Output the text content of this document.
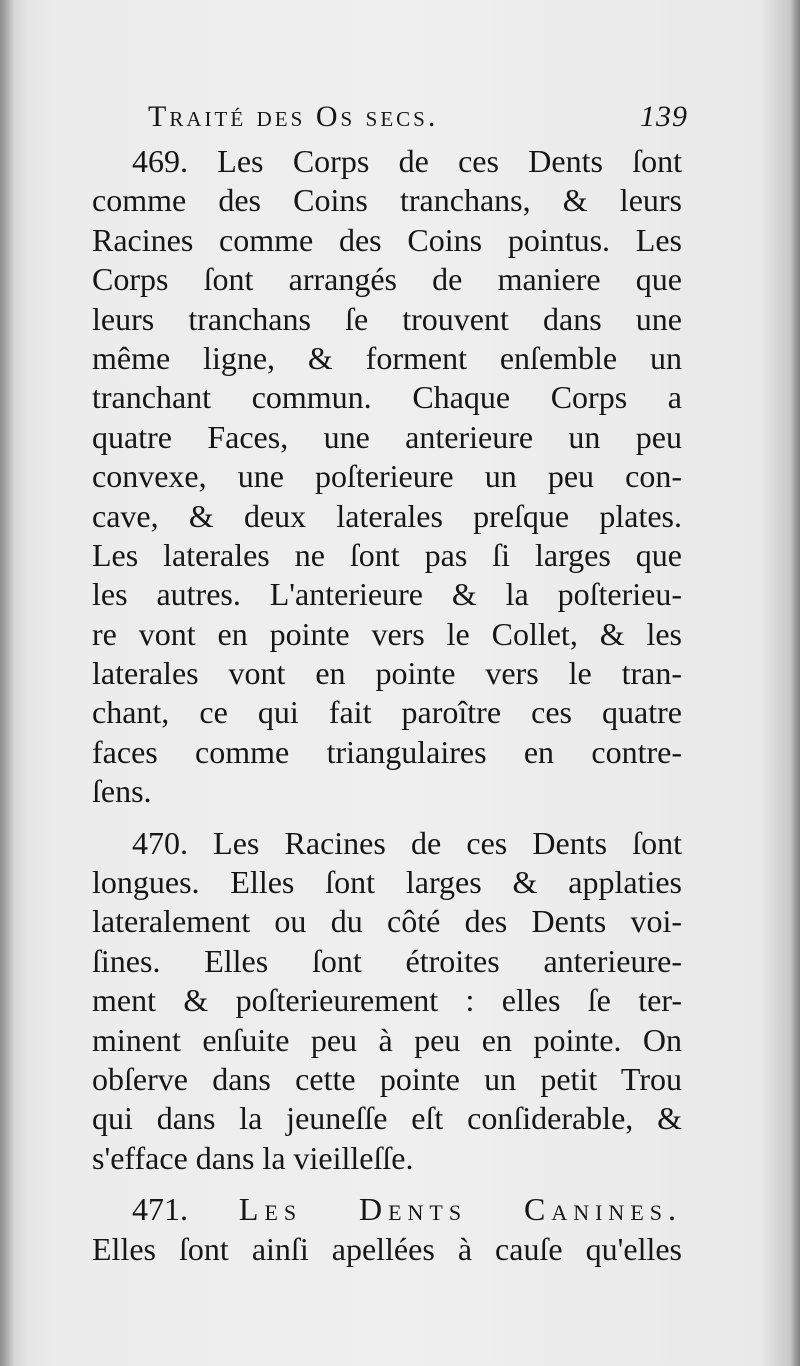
Traité des Os secs.	139
469. Les Corps de ces Dents ſont
comme des Coins tranchans, & leurs
Racines comme des Coins pointus. Les
Corps ſont arrangés de maniere que
leurs tranchans ſe trouvent dans une
même ligne, & forment enſemble un
tranchant commun. Chaque Corps a
quatre Faces, une anterieure un peu
convexe, une poſterieure un peu con-
cave, & deux laterales preſque plates.
Les laterales ne ſont pas ſi larges que
les autres. L'anterieure & la poſterieu-
re vont en pointe vers le Collet, & les
laterales vont en pointe vers le tran-
chant, ce qui fait paroître ces quatre
faces comme triangulaires en contre-
ſens.
470. Les Racines de ces Dents ſont
longues. Elles ſont larges & applaties
lateralement ou du côté des Dents voi-
ſines. Elles ſont étroites anterieure-
ment & poſterieurement : elles ſe ter-
minent enſuite peu à peu en pointe. On
obſerve dans cette pointe un petit Trou
qui dans la jeuneſſe eſt conſiderable, &
s'efface dans la vieilleſſe.
471. Les Dents Canines.
Elles ſont ainſi apellées à cauſe qu'elles
